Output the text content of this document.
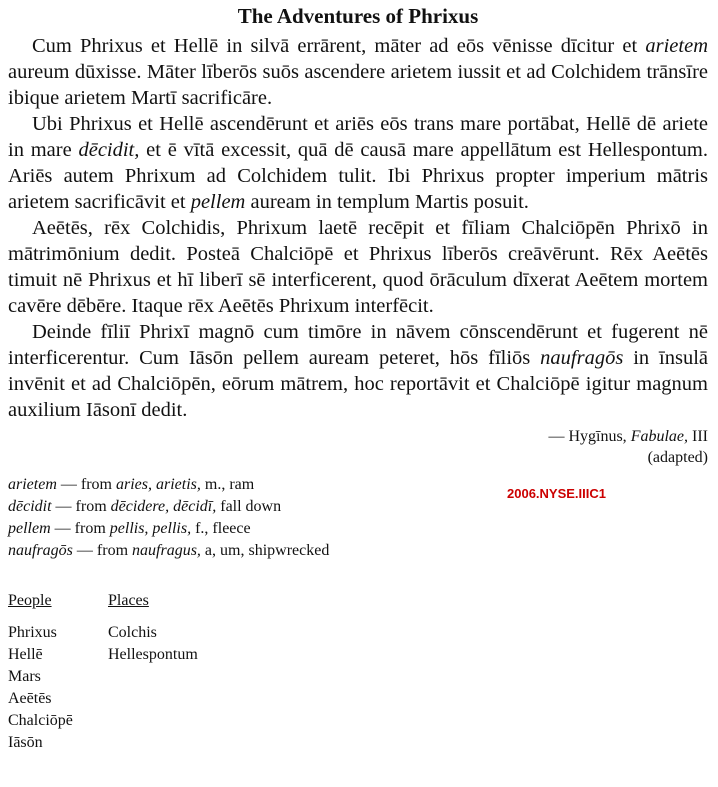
The Adventures of Phrixus

Cum Phrixus et Hellē in silvā errārent, māter ad eōs vēnisse dīcitur et arietem aureum dūxisse. Māter līberōs suōs ascendere arietem iussit et ad Colchidem trānsīre ibique arietem Martī sacrificāre.

Ubi Phrixus et Hellē ascendērunt et ariēs eōs trans mare portābat, Hellē dē ariete in mare dēcidit, et ē vītā excessit, quā dē causā mare appellātum est Hellespontum. Ariēs autem Phrixum ad Colchidem tulit. Ibi Phrixus propter imperium mātris arietem sacrificāvit et pellem auream in templum Martis posuit.

Aeētēs, rēx Colchidis, Phrixum laetē recēpit et fīliam Chalciōpēn Phrixō in mātrimōnium dedit. Posteā Chalciōpē et Phrixus līberōs creāvērunt. Rēx Aeētēs timuit nē Phrixus et hī liberī sē interficerent, quod ōrāculum dīxerat Aeētem mortem cavēre dēbēre. Itaque rēx Aeētēs Phrixum interfēcit.

Deinde fīliī Phrixī magnō cum timōre in nāvem cōnscendērunt et fugerent nē interficerentur. Cum Iāsōn pellem auream peteret, hōs fīliōs naufragōs in īnsulā invēnit et ad Chalciōpēn, eōrum mātrem, hoc reportāvit et Chalciōpē igitur magnum auxilium Iāsonī dedit.

— Hygīnus, Fabulae, III
(adapted)
arietem — from aries, arietis, m., ram
dēcidit — from dēcidere, dēcidī, fall down
pellem — from pellis, pellis, f., fleece
naufragōs — from naufragus, a, um, shipwrecked
2006.NYSE.IIIC1
People
Phrixus
Hellē
Mars
Aeētēs
Chalciōpē
Iāsōn
Places
Colchis
Hellespontum
